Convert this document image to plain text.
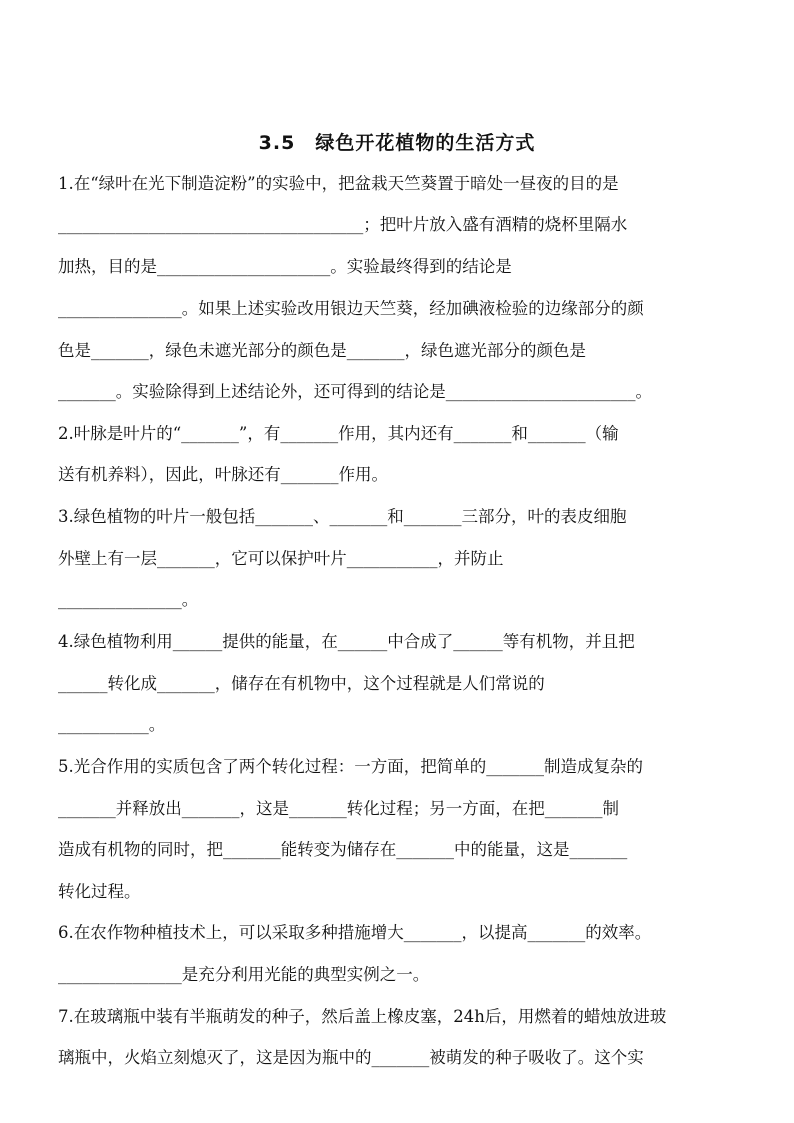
3.5　绿色开花植物的生活方式
1.在“绿叶在光下制造淀粉”的实验中，把盆栽天竺葵置于暗处一昼夜的目的是
_____________________________________；把叶片放入盛有酒精的烧杯里隔水
加热，目的是_____________________。实验最终得到的结论是
_______________。如果上述实验改用银边天竺葵，经加碘液检验的边缘部分的颜
色是_______，绿色未遮光部分的颜色是_______，绿色遮光部分的颜色是
_______。实验除得到上述结论外，还可得到的结论是_______________________。
2.叶脉是叶片的“_______”，有_______作用，其内还有_______和_______（输
送有机养料），因此，叶脉还有_______作用。
3.绿色植物的叶片一般包括_______、_______和_______三部分，叶的表皮细胞
外壁上有一层_______，它可以保护叶片___________，并防止
_______________。
4.绿色植物利用______提供的能量，在______中合成了______等有机物，并且把
______转化成_______，储存在有机物中，这个过程就是人们常说的
___________。
5.光合作用的实质包含了两个转化过程：一方面，把简单的_______制造成复杂的
_______并释放出_______，这是_______转化过程；另一方面，在把_______制
造成有机物的同时，把_______能转变为储存在_______中的能量，这是_______
转化过程。
6.在农作物种植技术上，可以采取多种措施增大_______，以提高_______的效率。
_______________是充分利用光能的典型实例之一。
7.在玻璃瓶中装有半瓶萌发的种子，然后盖上橡皮塞，24h后，用燃着的蜡烛放进玻
璃瓶中，火焰立刻熄灭了，这是因为瓶中的_______被萌发的种子吸收了。这个实
